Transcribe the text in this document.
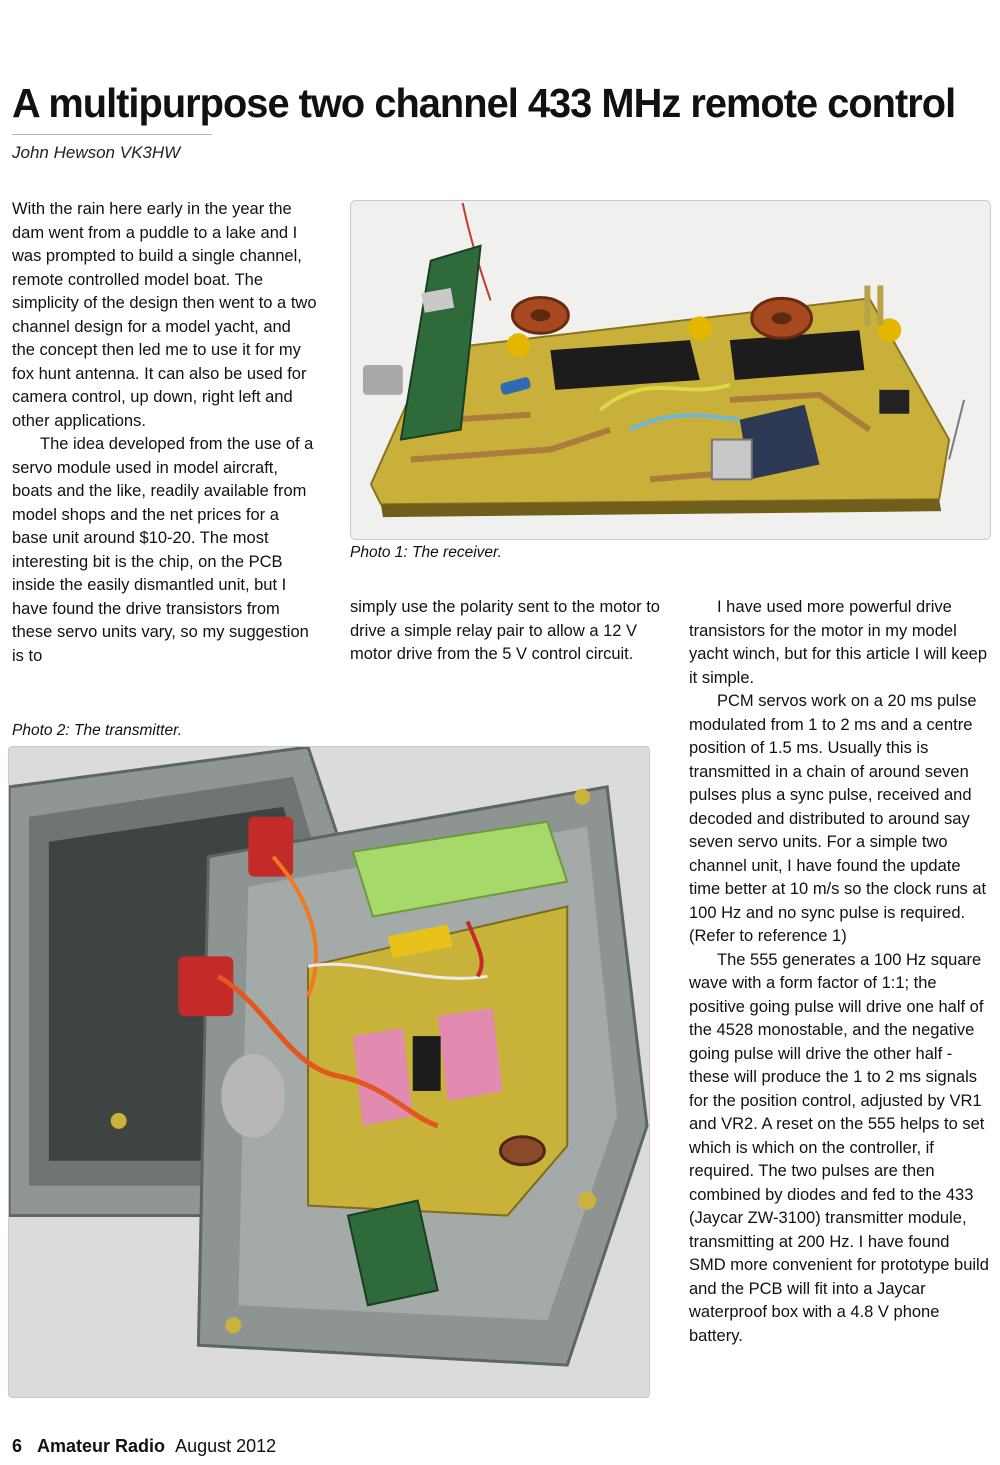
A multipurpose two channel 433 MHz remote control
John Hewson VK3HW

With the rain here early in the year the dam went from a puddle to a lake and I was prompted to build a single channel, remote controlled model boat. The simplicity of the design then went to a two channel design for a model yacht, and the concept then led me to use it for my fox hunt antenna. It can also be used for camera control, up down, right left and other applications.

The idea developed from the use of a servo module used in model aircraft, boats and the like, readily available from model shops and the net prices for a base unit around $10-20. The most interesting bit is the chip, on the PCB inside the easily dismantled unit, but I have found the drive transistors from these servo units vary, so my suggestion is to

Photo 1: The receiver.

simply use the polarity sent to the motor to drive a simple relay pair to allow a 12 V motor drive from the 5 V control circuit.

I have used more powerful drive transistors for the motor in my model yacht winch, but for this article I will keep it simple.

PCM servos work on a 20 ms pulse modulated from 1 to 2 ms and a centre position of 1.5 ms. Usually this is transmitted in a chain of around seven pulses plus a sync pulse, received and decoded and distributed to around say seven servo units. For a simple two channel unit, I have found the update time better at 10 m/s so the clock runs at 100 Hz and no sync pulse is required. (Refer to reference 1)

The 555 generates a 100 Hz square wave with a form factor of 1:1; the positive going pulse will drive one half of the 4528 monostable, and the negative going pulse will drive the other half - these will produce the 1 to 2 ms signals for the position control, adjusted by VR1 and VR2. A reset on the 555 helps to set which is which on the controller, if required. The two pulses are then combined by diodes and fed to the 433 (Jaycar ZW-3100) transmitter module, transmitting at 200 Hz. I have found SMD more convenient for prototype build and the PCB will fit into a Jaycar waterproof box with a 4.8 V phone battery.

Photo 2: The transmitter.
6 Amateur Radio August 2012
